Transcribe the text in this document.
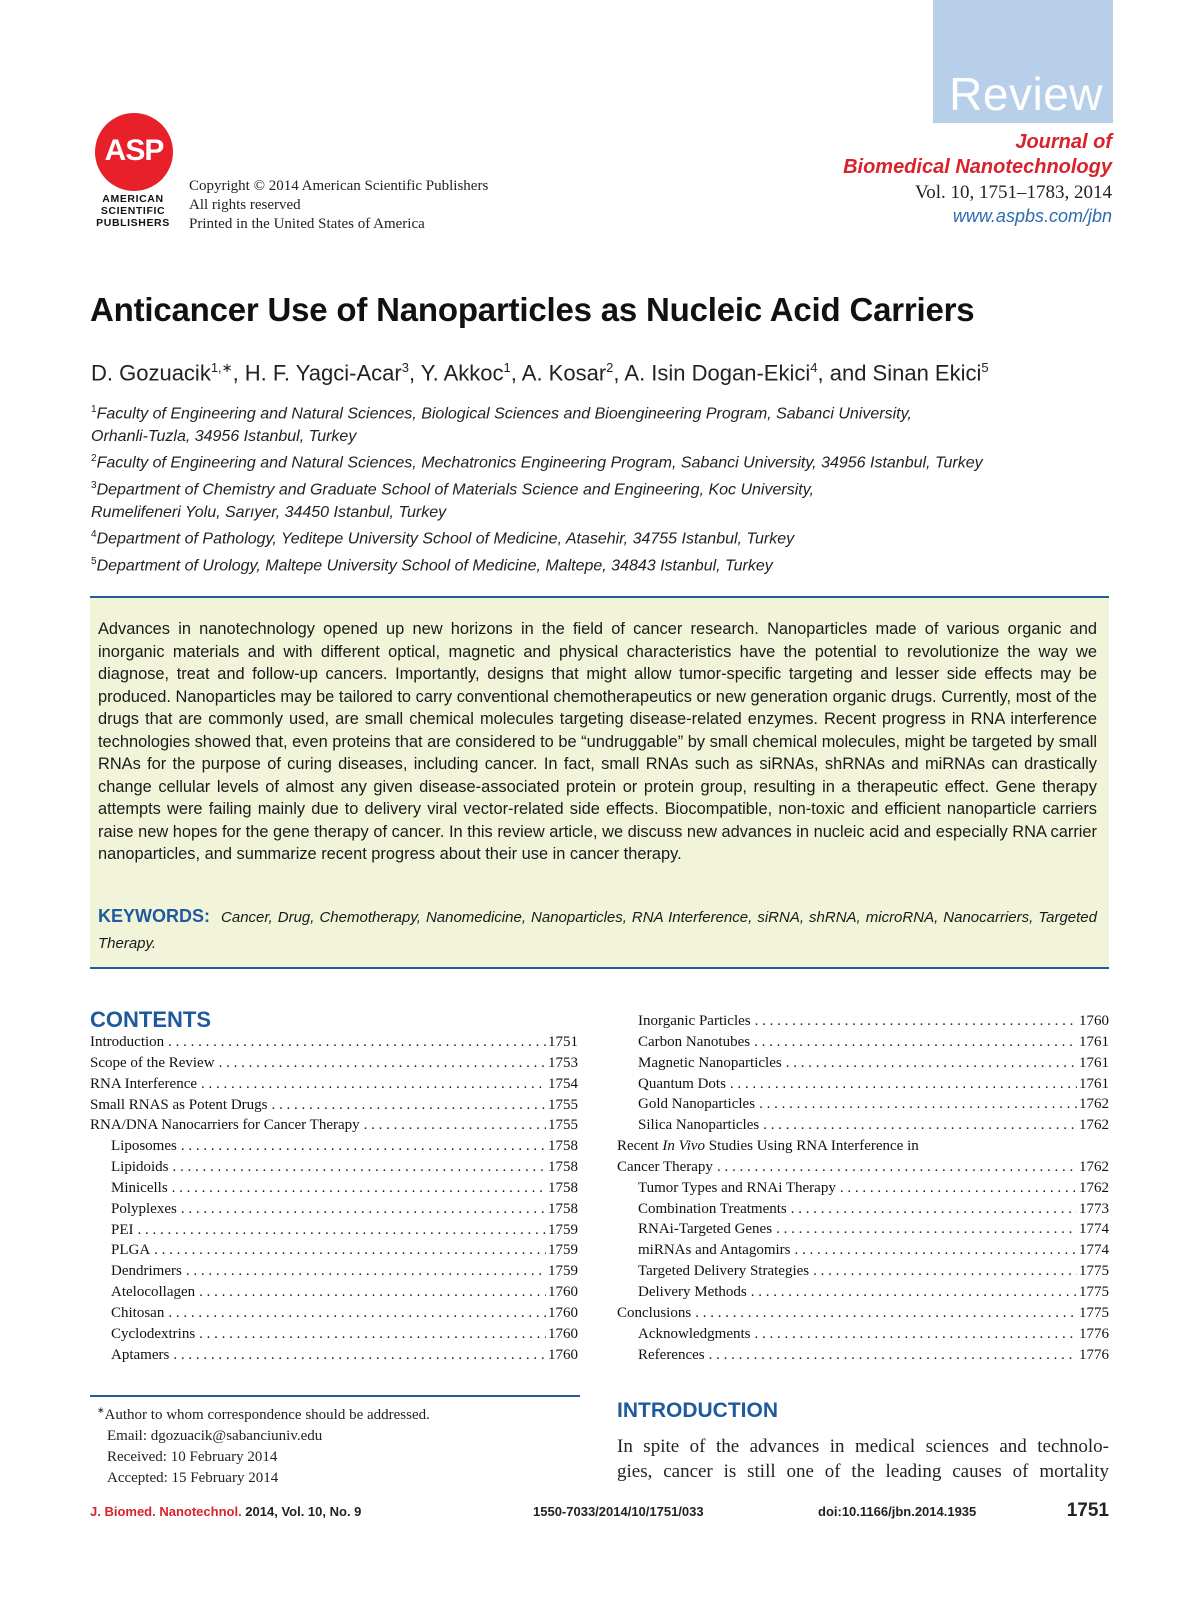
Review
ASP
AMERICAN
SCIENTIFIC
PUBLISHERS
Copyright © 2014 American Scientific Publishers
All rights reserved
Printed in the United States of America
Journal of
Biomedical Nanotechnology
Vol. 10, 1751–1783, 2014
www.aspbs.com/jbn
Anticancer Use of Nanoparticles as Nucleic Acid Carriers
D. Gozuacik$^{1,∗}$, H. F. Yagci-Acar$^3$, Y. Akkoc$^1$, A. Kosar$^2$, A. Isin Dogan-Ekici$^4$, and Sinan Ekici$^5$
$^1$Faculty of Engineering and Natural Sciences, Biological Sciences and Bioengineering Program, Sabanci University,
Orhanli-Tuzla, 34956 Istanbul, Turkey
$^2$Faculty of Engineering and Natural Sciences, Mechatronics Engineering Program, Sabanci University, 34956 Istanbul, Turkey
$^3$Department of Chemistry and Graduate School of Materials Science and Engineering, Koc University,
Rumelifeneri Yolu, Sarıyer, 34450 Istanbul, Turkey
$^4$Department of Pathology, Yeditepe University School of Medicine, Atasehir, 34755 Istanbul, Turkey
$^5$Department of Urology, Maltepe University School of Medicine, Maltepe, 34843 Istanbul, Turkey
Advances in nanotechnology opened up new horizons in the field of cancer research. Nanoparticles made of various organic and inorganic materials and with different optical, magnetic and physical characteristics have the potential to revolutionize the way we diagnose, treat and follow-up cancers. Importantly, designs that might allow tumor-specific targeting and lesser side effects may be produced. Nanoparticles may be tailored to carry conventional chemotherapeutics or new generation organic drugs. Currently, most of the drugs that are commonly used, are small chemical molecules targeting disease-related enzymes. Recent progress in RNA interference technologies showed that, even proteins that are considered to be “undruggable” by small chemical molecules, might be targeted by small RNAs for the purpose of curing diseases, including cancer. In fact, small RNAs such as siRNAs, shRNAs and miRNAs can drastically change cellular levels of almost any given disease-associated protein or protein group, resulting in a therapeutic effect. Gene therapy attempts were failing mainly due to delivery viral vector-related side effects. Biocompatible, non-toxic and efficient nanoparticle carriers raise new hopes for the gene therapy of cancer. In this review article, we discuss new advances in nucleic acid and especially RNA carrier nanoparticles, and summarize recent progress about their use in cancer therapy.
KEYWORDS: Cancer, Drug, Chemotherapy, Nanomedicine, Nanoparticles, RNA Interference, siRNA, shRNA, microRNA, Nanocarriers, Targeted Therapy.
CONTENTS
Introduction . . .	1751
Scope of the Review . . .	1753
RNA Interference . . .	1754
Small RNAS as Potent Drugs . . .	1755
RNA/DNA Nanocarriers for Cancer Therapy . . .	1755
Liposomes . . .	1758
Lipidoids . . .	1758
Minicells . . .	1758
Polyplexes . . .	1758
PEI . . .	1759
PLGA . . .	1759
Dendrimers . . .	1759
Atelocollagen . . .	1760
Chitosan . . .	1760
Cyclodextrins . . .	1760
Aptamers . . .	1760
Inorganic Particles . . .	1760
Carbon Nanotubes . . .	1761
Magnetic Nanoparticles . . .	1761
Quantum Dots . . .	1761
Gold Nanoparticles . . .	1762
Silica Nanoparticles . . .	1762
Recent In Vivo Studies Using RNA Interference in
Cancer Therapy . . .	1762
Tumor Types and RNAi Therapy . . .	1762
Combination Treatments . . .	1773
RNAi-Targeted Genes . . .	1774
miRNAs and Antagomirs . . .	1774
Targeted Delivery Strategies . . .	1775
Delivery Methods . . .	1775
Conclusions . . .	1775
Acknowledgments . . .	1776
References . . .	1776
∗Author to whom correspondence should be addressed.
Email: dgozuacik@sabanciuniv.edu
Received: 10 February 2014
Accepted: 15 February 2014
INTRODUCTION
In spite of the advances in medical sciences and technolo-
gies, cancer is still one of the leading causes of mortality
J. Biomed. Nanotechnol. 2014, Vol. 10, No. 9	1550-7033/2014/10/1751/033	doi:10.1166/jbn.2014.1935	1751
